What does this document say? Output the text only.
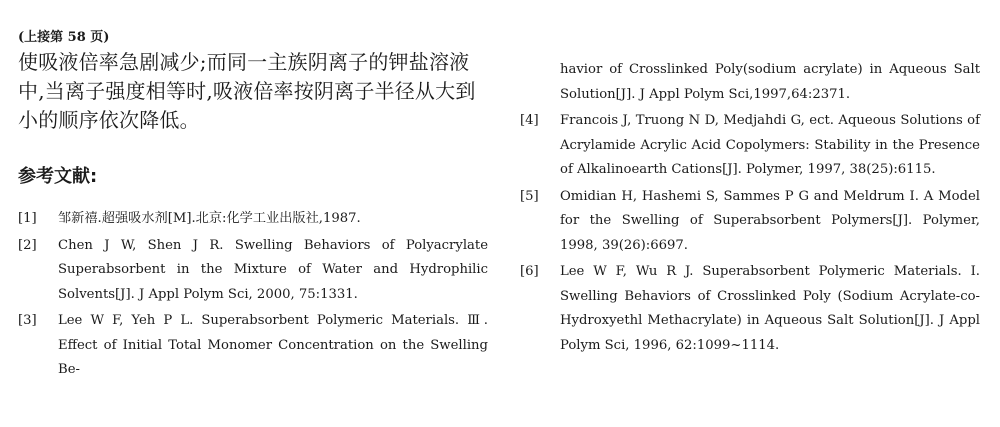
(上接第 58 页)

使吸液倍率急剧减少;而同一主族阴离子的钾盐溶液中,当离子强度相等时,吸液倍率按阴离子半径从大到小的顺序依次降低。

参考文献:
[1]	邹新禧.超强吸水剂[M].北京:化学工业出版社,1987.
[2]	Chen J W, Shen J R. Swelling Behaviors of Polyacrylate Superabsorbent in the Mixture of Water and Hydrophilic Solvents[J]. J Appl Polym Sci, 2000, 75:1331.
[3]	Lee W F, Yeh P L. Superabsorbent Polymeric Materials. Ⅲ. Effect of Initial Total Monomer Concentration on the Swelling Be-
havior of Crosslinked Poly(sodium acrylate) in Aqueous Salt Solution[J]. J Appl Polym Sci,1997,64:2371.
[4]	Francois J, Truong N D, Medjahdi G, ect. Aqueous Solutions of Acrylamide Acrylic Acid Copolymers: Stability in the Presence of Alkalinoearth Cations[J]. Polymer, 1997, 38(25):6115.
[5]	Omidian H, Hashemi S, Sammes P G and Meldrum I. A Model for the Swelling of Superabsorbent Polymers[J]. Polymer, 1998, 39(26):6697.
[6]	Lee W F, Wu R J. Superabsorbent Polymeric Materials. I. Swelling Behaviors of Crosslinked Poly (Sodium Acrylate-co-Hydroxyethl Methacrylate) in Aqueous Salt Solution[J]. J Appl Polym Sci, 1996, 62:1099~1114.
